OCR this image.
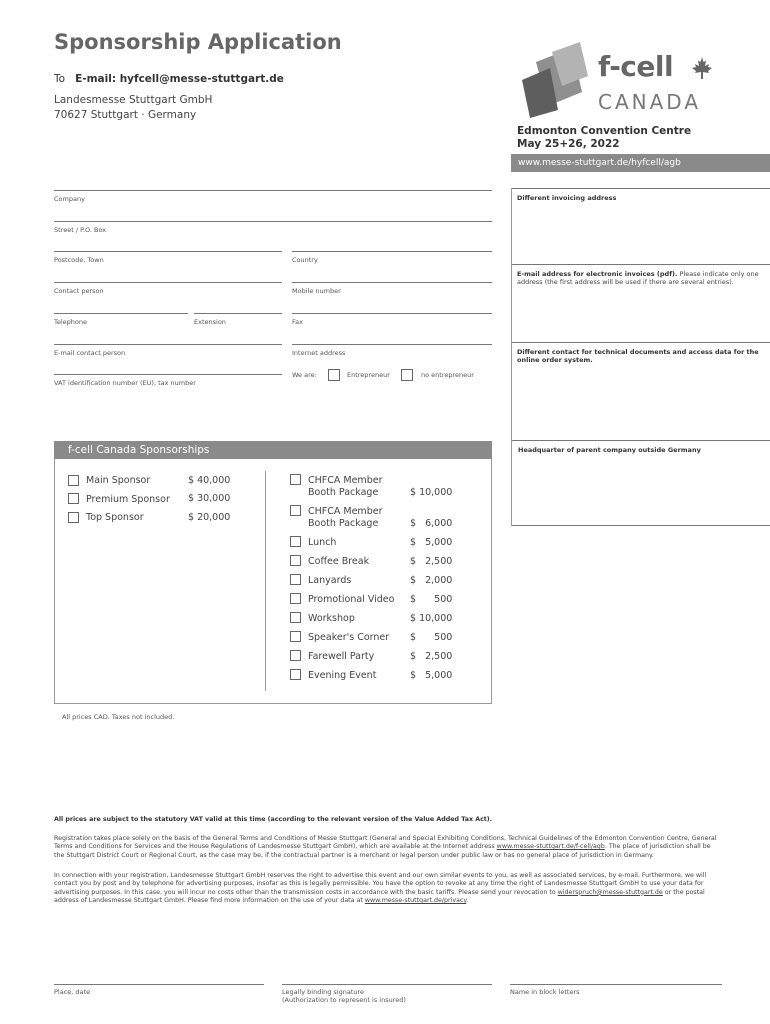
Sponsorship Application
To E-mail: hyfcell@messe-stuttgart.de
Landesmesse Stuttgart GmbH
70627 Stuttgart · Germany
f-cell
CANADA
Edmonton Convention Centre
May 25+26, 2022
www.messe-stuttgart.de/hyfcell/agb
Company
Street / P.O. Box
Postcode, Town	Country
Contact person	Mobile number
Telephone	Extension	Fax
E-mail contact person	Internet address
VAT identification number (EU), tax number
We are:	Entrepreneur	no entrepreneur
Different invoicing address
E-mail address for electronic invoices (pdf). Please indicate only one address (the first address will be used if there are several entries).
Different contact for technical documents and access data for the online order system.
Headquarter of parent company outside Germany
f-cell Canada Sponsorships
Main Sponsor	$ 40,000
Premium Sponsor $ 30,000
Top Sponsor	$ 20,000
CHFCA Member
Booth Package	$ 10,000
CHFCA Member
Booth Package	$   6,000
Lunch	$   5,000
Coffee Break	$   2,500
Lanyards	$   2,000
Promotional Video $      500
Workshop	$ 10,000
Speaker's Corner $      500
Farewell Party	$   2,500
Evening Event	$   5,000
All prices CAD. Taxes not included.
All prices are subject to the statutory VAT valid at this time (according to the relevant version of the Value Added Tax Act).
Registration takes place solely on the basis of the General Terms and Conditions of Messe Stuttgart (General and Special Exhibiting Conditions, Technical Guidelines of the Edmonton Convention Centre, General Terms and Conditions for Services and the House Regulations of Landesmesse Stuttgart GmbH), which are available at the Internet address www.messe-stuttgart.de/f-cell/agb. The place of jurisdiction shall be the Stuttgart District Court or Regional Court, as the case may be, if the contractual partner is a merchant or legal person under public law or has no general place of jurisdiction in Germany.
In connection with your registration, Landesmesse Stuttgart GmbH reserves the right to advertise this event and our own similar events to you, as well as associated services, by e-mail. Furthermore, we will contact you by post and by telephone for advertising purposes, insofar as this is legally permissible. You have the option to revoke at any time the right of Landesmesse Stuttgart GmbH to use your data for advertising purposes. In this case, you will incur no costs other than the transmission costs in accordance with the basic tariffs. Please send your revocation to widerspruch@messe-stuttgart.de or the postal address of Landesmesse Stuttgart GmbH. Please find more information on the use of your data at www.messe-stuttgart.de/privacy.
Place, date	Legally binding signature
(Authorization to represent is insured)
Name in block letters
